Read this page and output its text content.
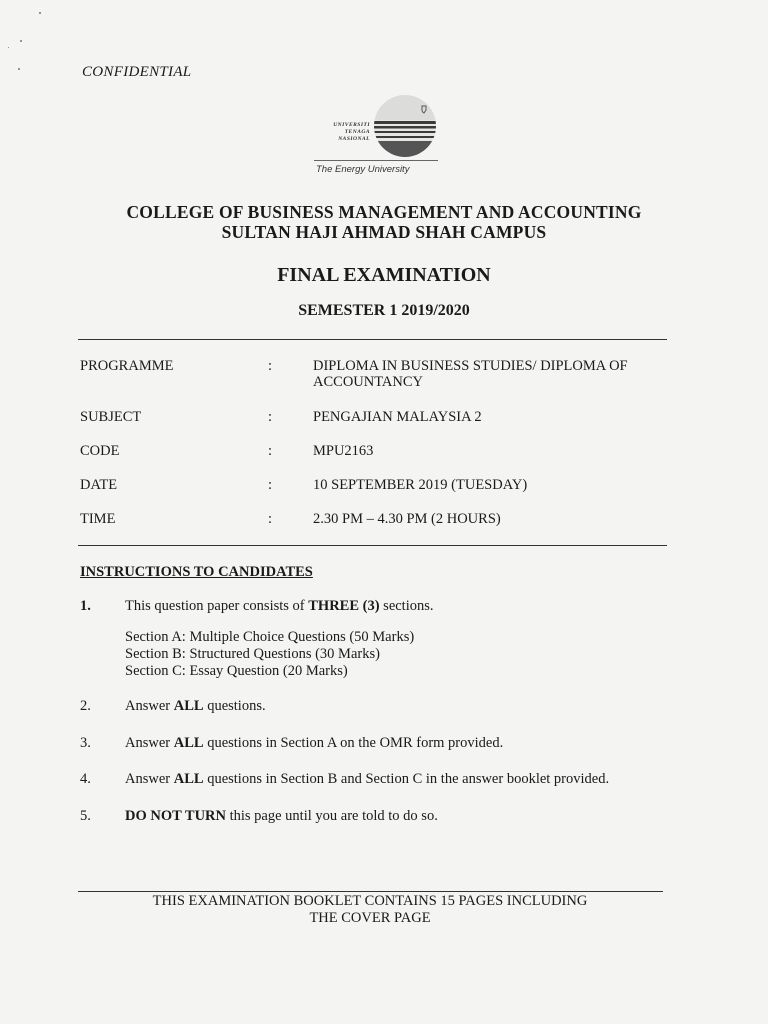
CONFIDENTIAL
UNIVERSITI
TENAGA
NASIONAL
The Energy University
COLLEGE OF BUSINESS MANAGEMENT AND ACCOUNTING
SULTAN HAJI AHMAD SHAH CAMPUS
FINAL EXAMINATION
SEMESTER 1 2019/2020
PROGRAMME	:	DIPLOMA IN BUSINESS STUDIES/ DIPLOMA OF ACCOUNTANCY
SUBJECT	:	PENGAJIAN MALAYSIA 2
CODE	:	MPU2163
DATE	:	10 SEPTEMBER 2019 (TUESDAY)
TIME	:	2.30 PM – 4.30 PM (2 HOURS)
INSTRUCTIONS TO CANDIDATES
1. This question paper consists of THREE (3) sections.
Section A: Multiple Choice Questions (50 Marks)
Section B: Structured Questions (30 Marks)
Section C: Essay Question (20 Marks)
2. Answer ALL questions.
3. Answer ALL questions in Section A on the OMR form provided.
4. Answer ALL questions in Section B and Section C in the answer booklet provided.
5. DO NOT TURN this page until you are told to do so.
THIS EXAMINATION BOOKLET CONTAINS 15 PAGES INCLUDING
THE COVER PAGE
